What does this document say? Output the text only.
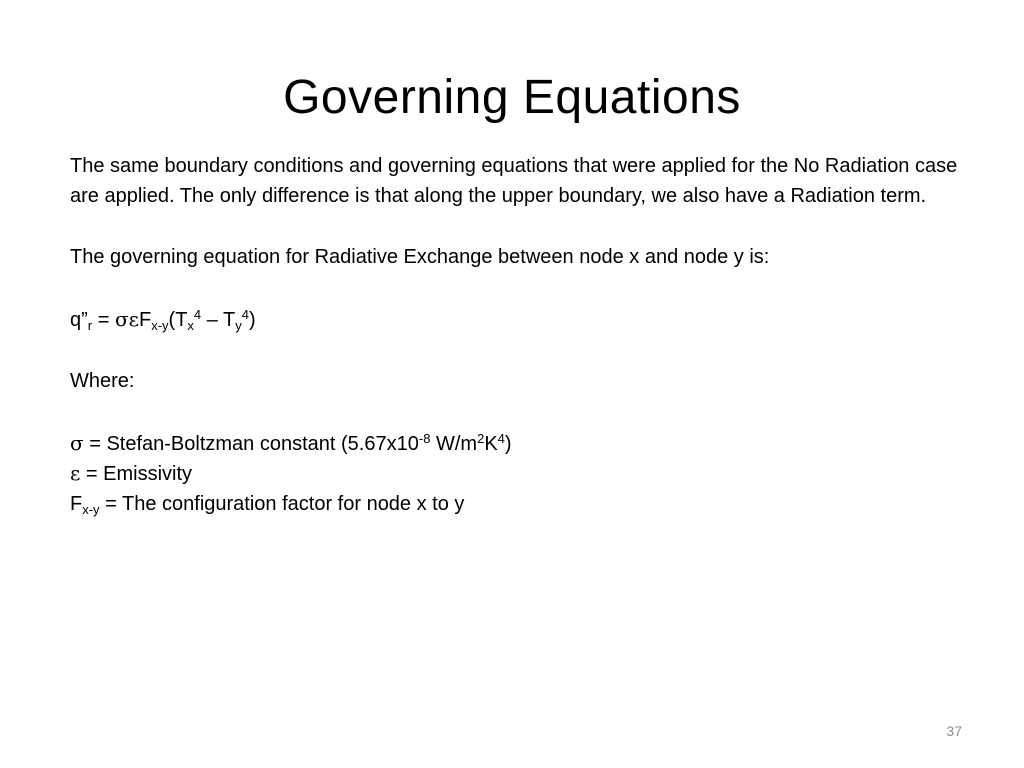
Governing Equations

The same boundary conditions and governing equations that were applied for the No Radiation case are applied. The only difference is that along the upper boundary, we also have a Radiation term.

The governing equation for Radiative Exchange between node x and node y is:

$q”_r = \sigma\varepsilon F_{x-y}(T_x^4 - T_y^4)$

Where:

σ = Stefan-Boltzman constant ($5.67x10^{-8}$ $W/m^2K^4$)

ε = Emissivity

$F_{x-y}$ = The configuration factor for node x to y

37
